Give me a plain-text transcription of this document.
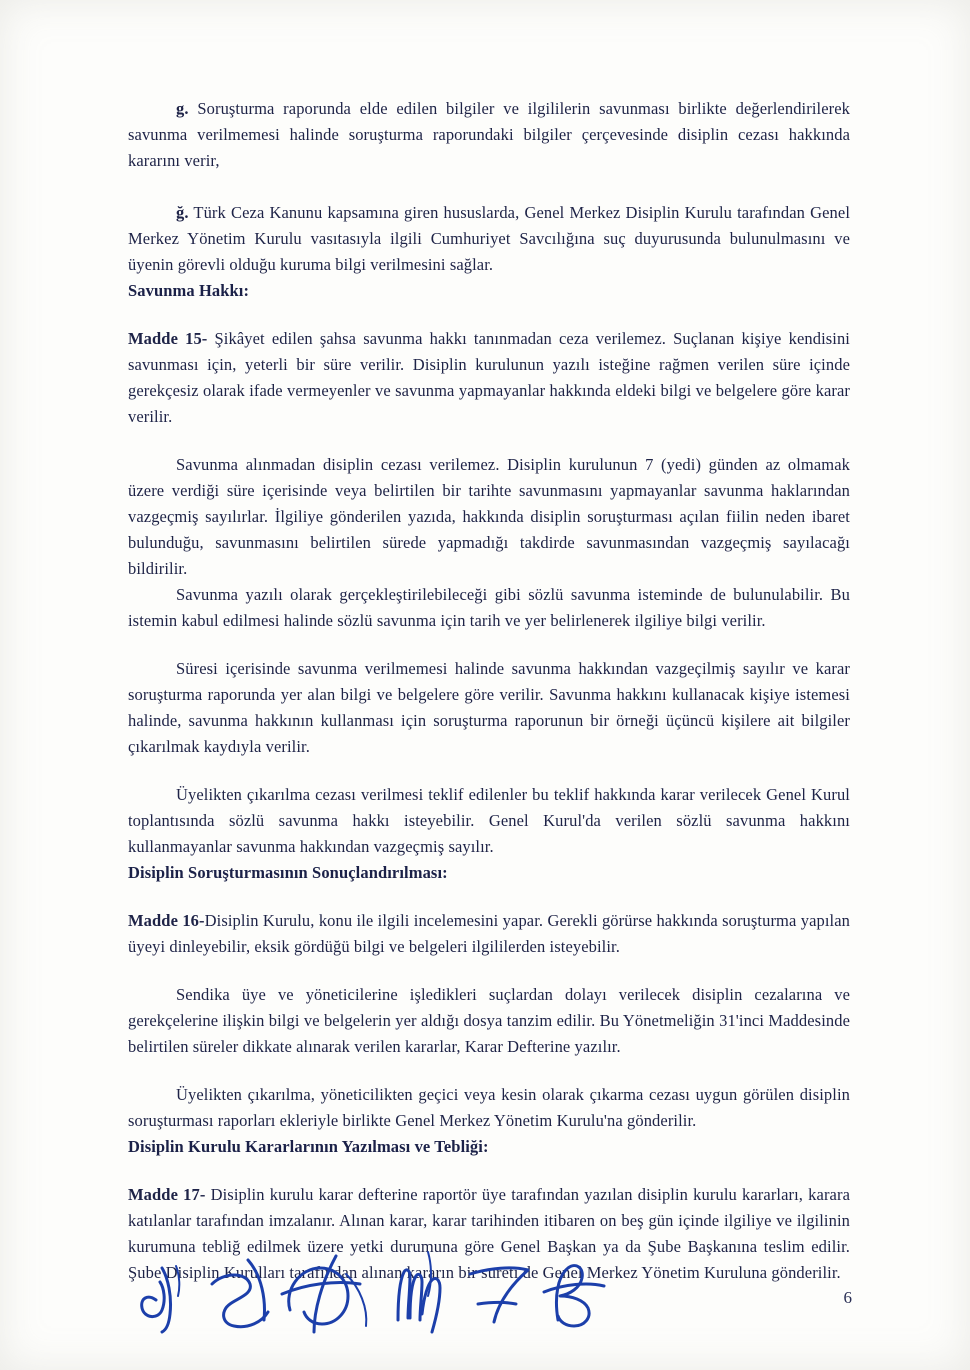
g. Soruşturma raporunda elde edilen bilgiler ve ilgililerin savunması birlikte değerlendirilerek savunma verilmemesi halinde soruşturma raporundaki bilgiler çerçevesinde disiplin cezası hakkında kararını verir,

ğ. Türk Ceza Kanunu kapsamına giren hususlarda, Genel Merkez Disiplin Kurulu tarafından Genel Merkez Yönetim Kurulu vasıtasıyla ilgili Cumhuriyet Savcılığına suç duyurusunda bulunulmasını ve üyenin görevli olduğu kuruma bilgi verilmesini sağlar.

Savunma Hakkı:

Madde 15- Şikâyet edilen şahsa savunma hakkı tanınmadan ceza verilemez. Suçlanan kişiye kendisini savunması için, yeterli bir süre verilir. Disiplin kurulunun yazılı isteğine rağmen verilen süre içinde gerekçesiz olarak ifade vermeyenler ve savunma yapmayanlar hakkında eldeki bilgi ve belgelere göre karar verilir.

Savunma alınmadan disiplin cezası verilemez. Disiplin kurulunun 7 (yedi) günden az olmamak üzere verdiği süre içerisinde veya belirtilen bir tarihte savunmasını yapmayanlar savunma haklarından vazgeçmiş sayılırlar. İlgiliye gönderilen yazıda, hakkında disiplin soruşturması açılan fiilin neden ibaret bulunduğu, savunmasını belirtilen sürede yapmadığı takdirde savunmasından vazgeçmiş sayılacağı bildirilir.

Savunma yazılı olarak gerçekleştirilebileceği gibi sözlü savunma isteminde de bulunulabilir. Bu istemin kabul edilmesi halinde sözlü savunma için tarih ve yer belirlenerek ilgiliye bilgi verilir.

Süresi içerisinde savunma verilmemesi halinde savunma hakkından vazgeçilmiş sayılır ve karar soruşturma raporunda yer alan bilgi ve belgelere göre verilir. Savunma hakkını kullanacak kişiye istemesi halinde, savunma hakkının kullanması için soruşturma raporunun bir örneği üçüncü kişilere ait bilgiler çıkarılmak kaydıyla verilir.

Üyelikten çıkarılma cezası verilmesi teklif edilenler bu teklif hakkında karar verilecek Genel Kurul toplantısında sözlü savunma hakkı isteyebilir. Genel Kurul'da verilen sözlü savunma hakkını kullanmayanlar savunma hakkından vazgeçmiş sayılır.

Disiplin Soruşturmasının Sonuçlandırılması:

Madde 16-Disiplin Kurulu, konu ile ilgili incelemesini yapar. Gerekli görürse hakkında soruşturma yapılan üyeyi dinleyebilir, eksik gördüğü bilgi ve belgeleri ilgililerden isteyebilir.

Sendika üye ve yöneticilerine işledikleri suçlardan dolayı verilecek disiplin cezalarına ve gerekçelerine ilişkin bilgi ve belgelerin yer aldığı dosya tanzim edilir. Bu Yönetmeliğin 31'inci Maddesinde belirtilen süreler dikkate alınarak verilen kararlar, Karar Defterine yazılır.

Üyelikten çıkarılma, yöneticilikten geçici veya kesin olarak çıkarma cezası uygun görülen disiplin soruşturması raporları ekleriyle birlikte Genel Merkez Yönetim Kurulu'na gönderilir.

Disiplin Kurulu Kararlarının Yazılması ve Tebliği:

Madde 17- Disiplin kurulu karar defterine raportör üye tarafından yazılan disiplin kurulu kararları, karara katılanlar tarafından imzalanır. Alınan karar, karar tarihinden itibaren on beş gün içinde ilgiliye ve ilgilinin kurumuna tebliğ edilmek üzere yetki durumuna göre Genel Başkan ya da Şube Başkanına teslim edilir. Şube Disiplin Kurulları tarafından alınan kararın bir sureti de Genel Merkez Yönetim Kuruluna gönderilir.

6
